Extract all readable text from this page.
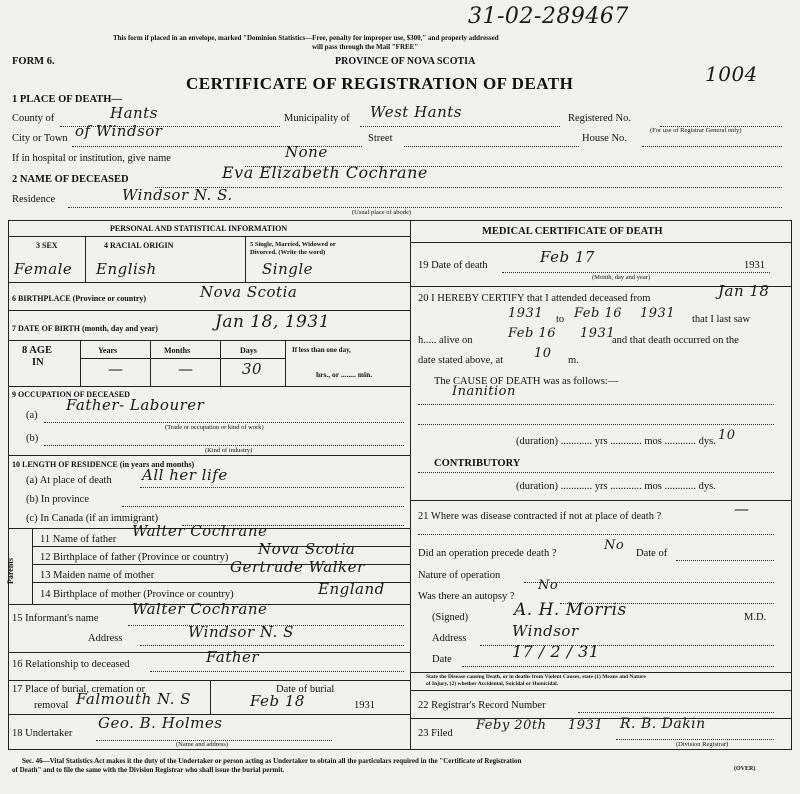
31-02-289467
This form if placed in an envelope, marked "Dominion Statistics—Free, penalty for improper use, $300," and properly addressed
will pass through the Mail "FREE"
FORM 6.	PROVINCE OF NOVA SCOTIA
1004
CERTIFICATE OF REGISTRATION OF DEATH
1 PLACE OF DEATH—
County of	Hants	Municipality of West Hants	Registered No.
(For use of Registrar General only)
City or Town of Windsor	Street	House No.
If in hospital or institution, give name	None
2 NAME OF DECEASED	Eva Elizabeth Cochrane
Residence	Windsor N. S.
(Usual place of abode)
PERSONAL AND STATISTICAL INFORMATION
3 SEX	4 RACIAL ORIGIN	5 Single, Married, Widowed or
Divorced. (Write the word)
Female English	Single
6 BIRTHPLACE (Province or country)	Nova Scotia
7 DATE OF BIRTH (month, day and year)	Jan 18, 1931
8 AGE
IN
Years	Months	Days
—	—	30
If less than one day,
hrs., or ........ min.
9 OCCUPATION OF DECEASED
(a)
Father- Labourer
(Trade or occupation or kind of work)
(b)
(Kind of industry)
10 LENGTH OF RESIDENCE (in years and months)
(a) At place of death All her life
(b) In province
(c) In Canada (if an immigrant)
Parents
11 Name of father Walter Cochrane
12 Birthplace of father (Province or country) Nova Scotia
13 Maiden name of mother	Gertrude Walker
14 Birthplace of mother (Province or country)	England
15 Informant's name
Walter Cochrane
Address	Windsor N. S
16 Relationship to deceased	Father
17 Place of burial, cremation or
removal Falmouth N. S
Date of burial
Feb 18	1931
18 Undertaker
Geo. B. Holmes
(Name and address)
MEDICAL CERTIFICATE OF DEATH
19 Date of death	Feb 17	1931
(Month, day and year)
20 I HEREBY CERTIFY that I attended deceased from	Jan 18
1931 to Feb 16 1931 that I last saw
h..... alive on	Feb 16 1931
and that death occurred on the
date stated above, at 10 m.
The CAUSE OF DEATH was as follows:—
Inanition
(duration) ............ yrs ............ mos ............ dys. 10
CONTRIBUTORY
(duration) ............ yrs ............ mos ............ dys.
21 Where was disease contracted if not at place of death ?	—
Did an operation precede death ?
No
Date of
Nature of operation
Was there an autopsy ?
No
(Signed)	A. H. Morris	M.D.
Address	Windsor
Date	17 / 2 / 31
State the Disease causing Death, or in deaths from Violent Causes, state (1) Means and Nature
of Injury, (2) whether Accidental, Suicidal or Homicidal.
22 Registrar's Record Number
23 Filed
Feby 20th 1931 R. B. Dakin
(Division Registrar)
Sec. 46—Vital Statistics Act makes it the duty of the Undertaker or person acting as Undertaker to obtain all the particulars required in the "Certificate of Registration
of Death" and to file the same with the Division Registrar who shall issue the burial permit.	(OVER)
